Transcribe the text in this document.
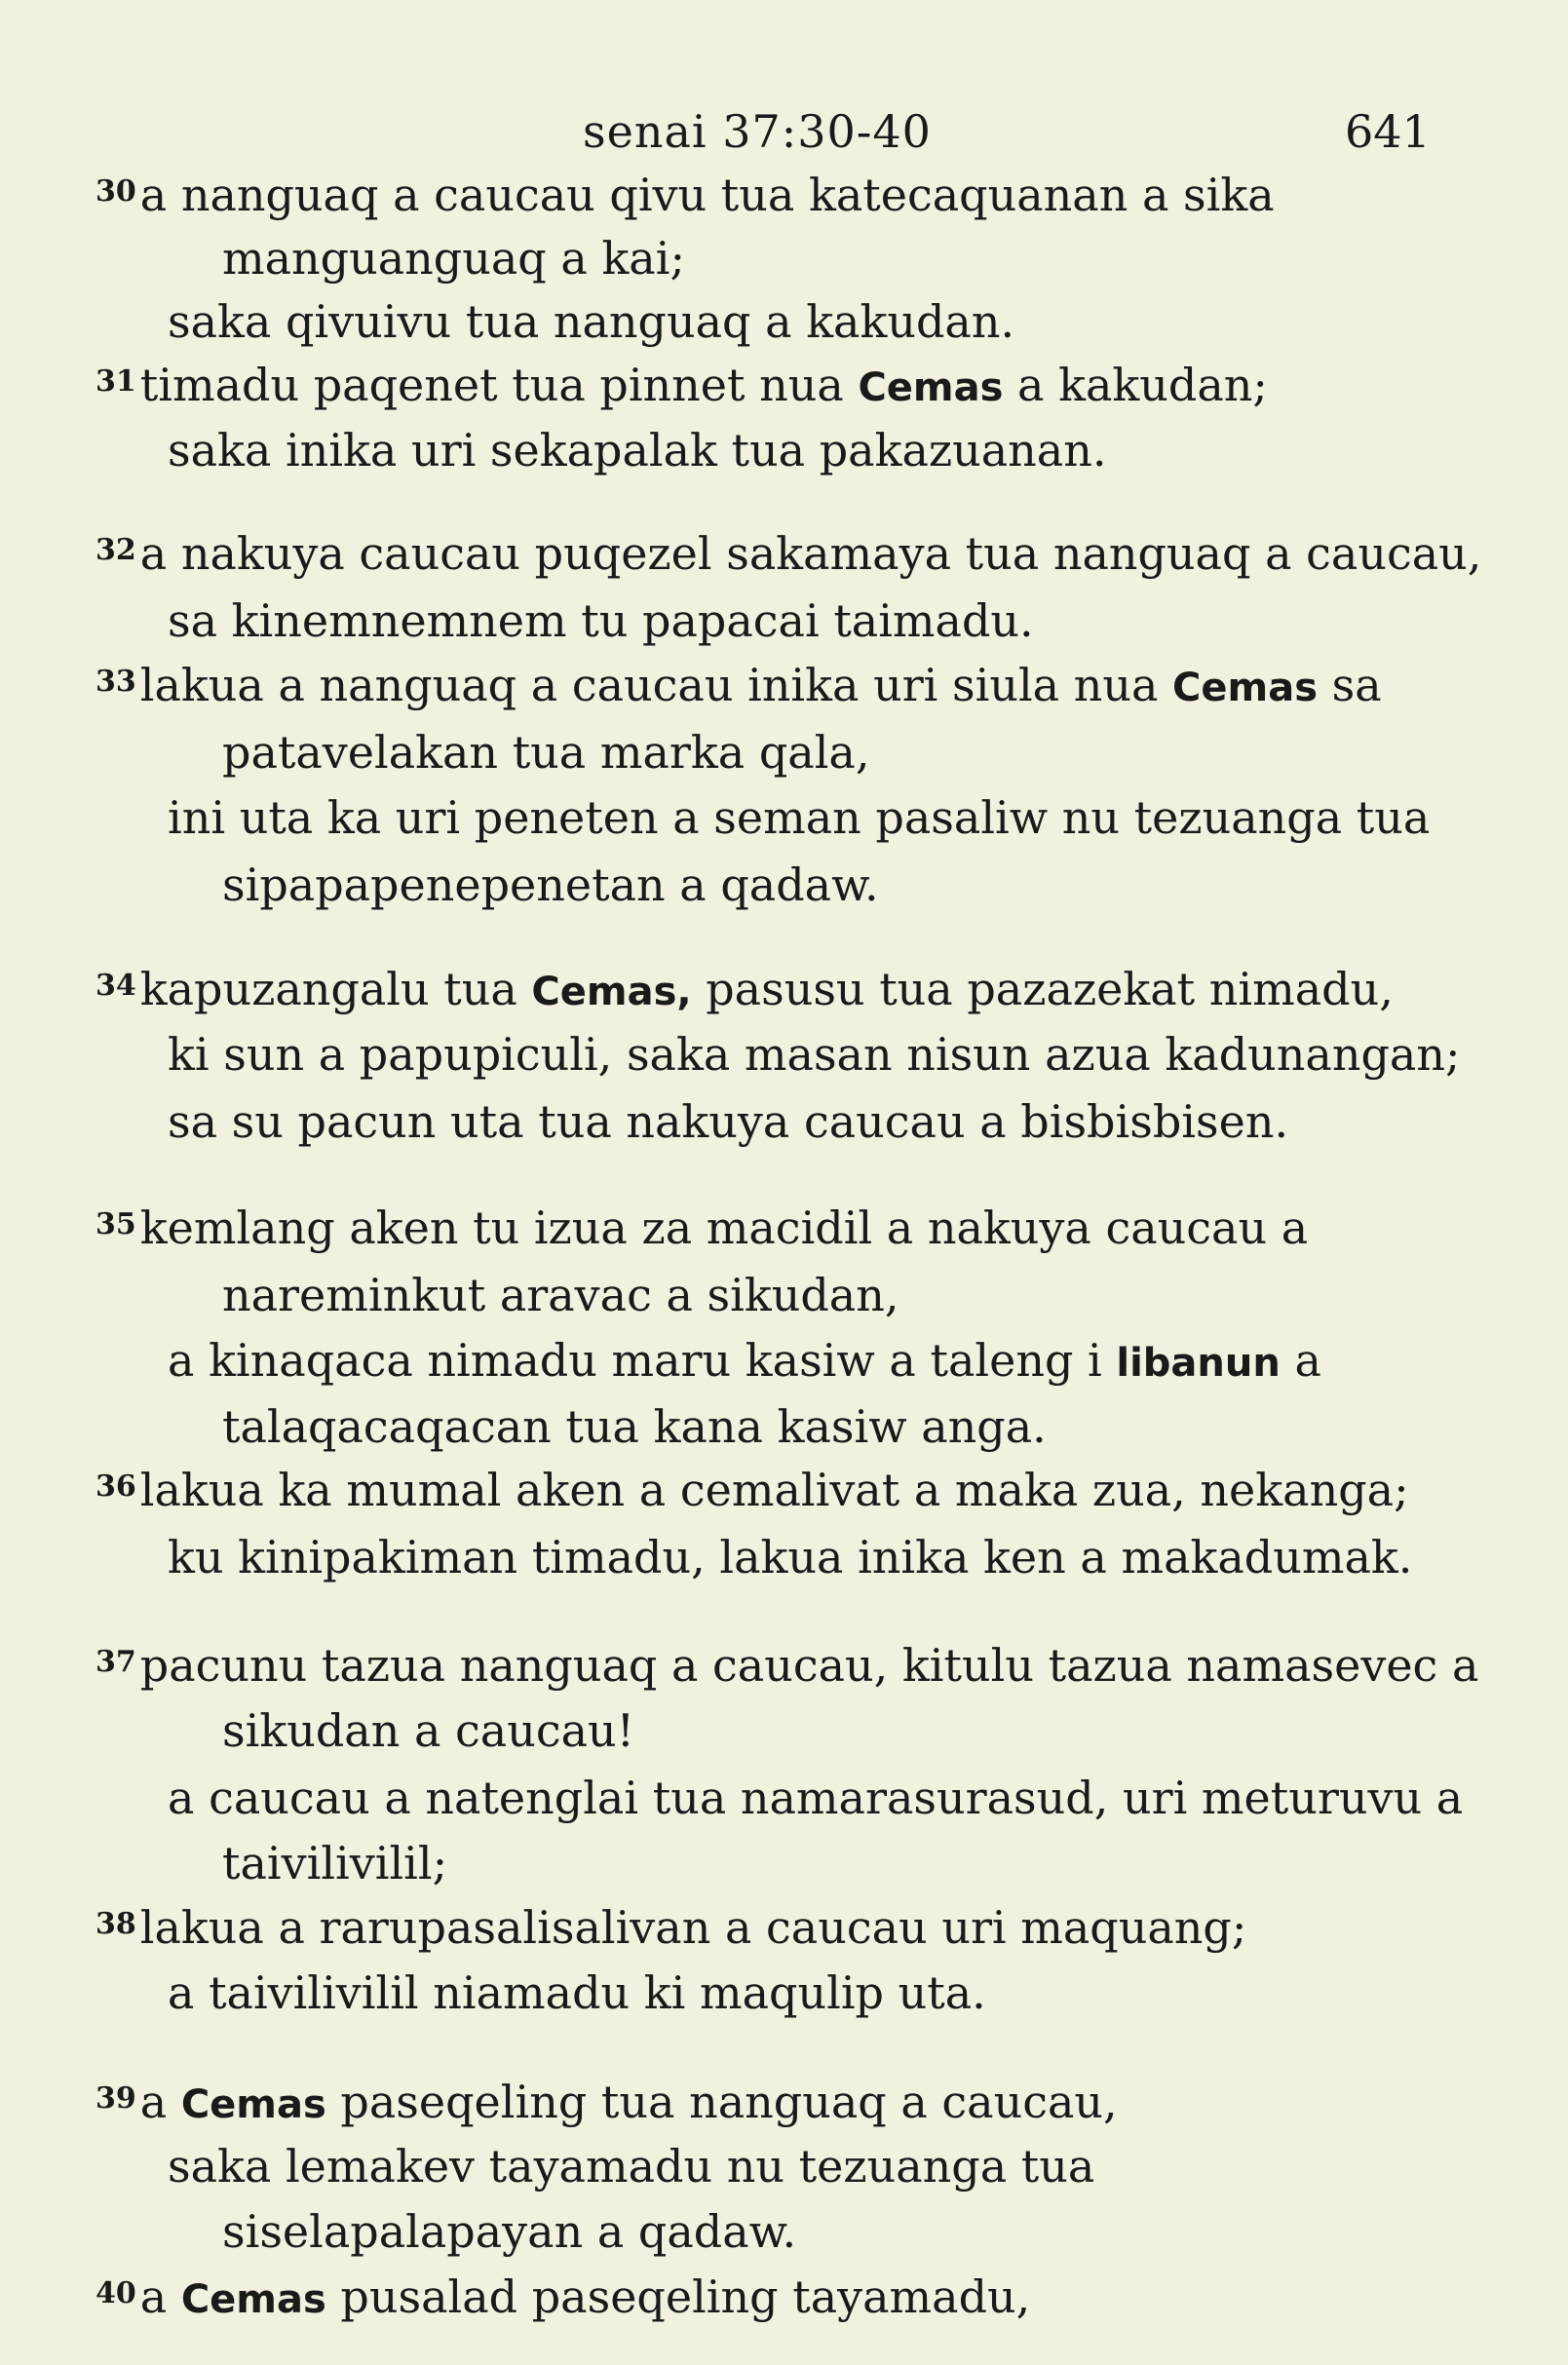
senai 37:30-40	641
$^{30}$a nanguaq a caucau qivu tua katecaquanan a sika
manguanguaq a kai;
saka qivuivu tua nanguaq a kakudan.
$^{31}$timadu paqenet tua pinnet nua Cemas a kakudan;
saka inika uri sekapalak tua pakazuanan.
$^{32}$a nakuya caucau puqezel sakamaya tua nanguaq a caucau,
sa kinemnemnem tu papacai taimadu.
$^{33}$lakua a nanguaq a caucau inika uri siula nua Cemas sa
patavelakan tua marka qala,
ini uta ka uri peneten a seman pasaliw nu tezuanga tua
sipapapenepenetan a qadaw.
$^{34}$kapuzangalu tua Cemas, pasusu tua pazazekat nimadu,
ki sun a papupiculi, saka masan nisun azua kadunangan;
sa su pacun uta tua nakuya caucau a bisbisbisen.
$^{35}$kemlang aken tu izua za macidil a nakuya caucau a
nareminkut aravac a sikudan,
a kinaqaca nimadu maru kasiw a taleng i libanun a
talaqacaqacan tua kana kasiw anga.
$^{36}$lakua ka mumal aken a cemalivat a maka zua, nekanga;
ku kinipakiman timadu, lakua inika ken a makadumak.
$^{37}$pacunu tazua nanguaq a caucau, kitulu tazua namasevec a
sikudan a caucau!
a caucau a natenglai tua namarasurasud, uri meturuvu a
taivilivilil;
$^{38}$lakua a rarupasalisalivan a caucau uri maquang;
a taivilivilil niamadu ki maqulip uta.
$^{39}$a Cemas paseqeling tua nanguaq a caucau,
saka lemakev tayamadu nu tezuanga tua
siselapalapayan a qadaw.
$^{40}$a Cemas pusalad paseqeling tayamadu,
